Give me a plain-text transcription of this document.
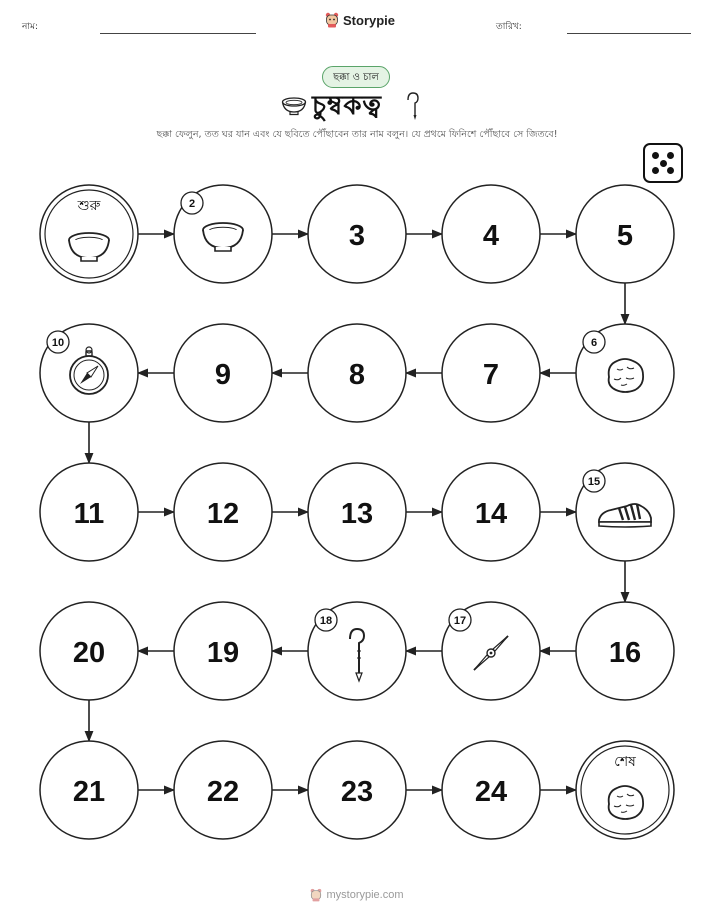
নাম:	Storypie	তারিখ:
ছক্কা ও চাল
চুম্বকত্ব
ছক্কা ফেলুন, তত ঘর যান এবং যে ছবিতে পৌঁছাবেন তার নাম বলুন। যে প্রথমে ফিনিশে পৌঁছাবে সে জিতবে!
শুরু	2
3	4	5
6
7
8
9
10
11	12	13	14
15
16
17
18
19
20
21	22	23	24
শেষ
mystorypie.com
